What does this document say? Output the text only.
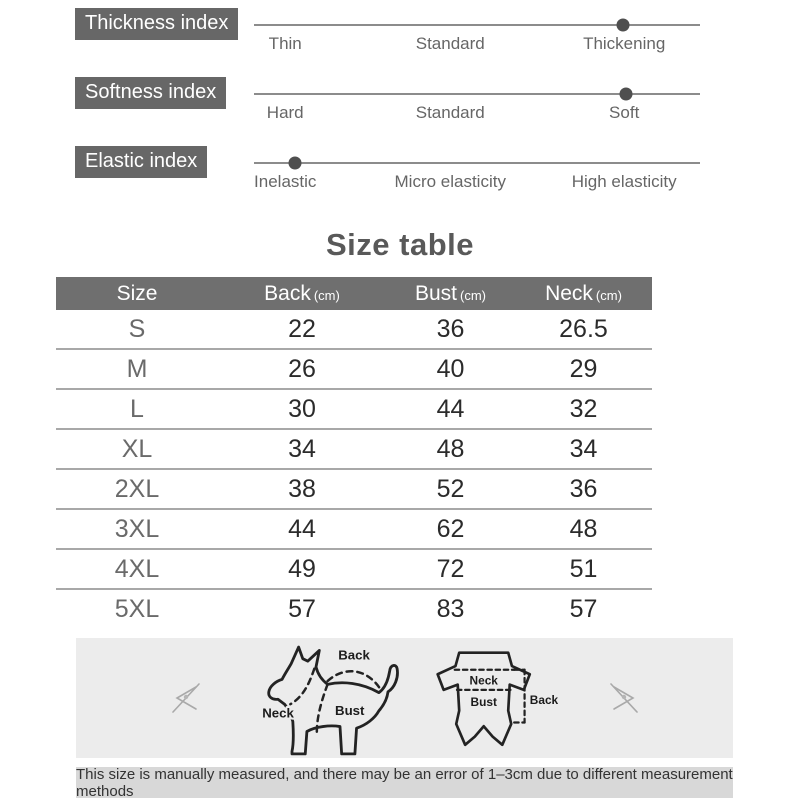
Thickness index
Thin	Standard	Thickening
Softness index
Hard	Standard	Soft
Elastic index
Inelastic	Micro elasticity	High elasticity
Size table
Size	Back (cm)	Bust (cm)	Neck (cm)
S	22	36	26.5
M	26	40	29
L	30	44	32
XL	34	48	34
2XL	38	52	36
3XL	44	62	48
4XL	49	72	51
5XL	57	83	57
Back
Neck	Bust
Neck
Bust Back
This size is manually measured, and there may be an error of 1–3cm due to different measurement methods
